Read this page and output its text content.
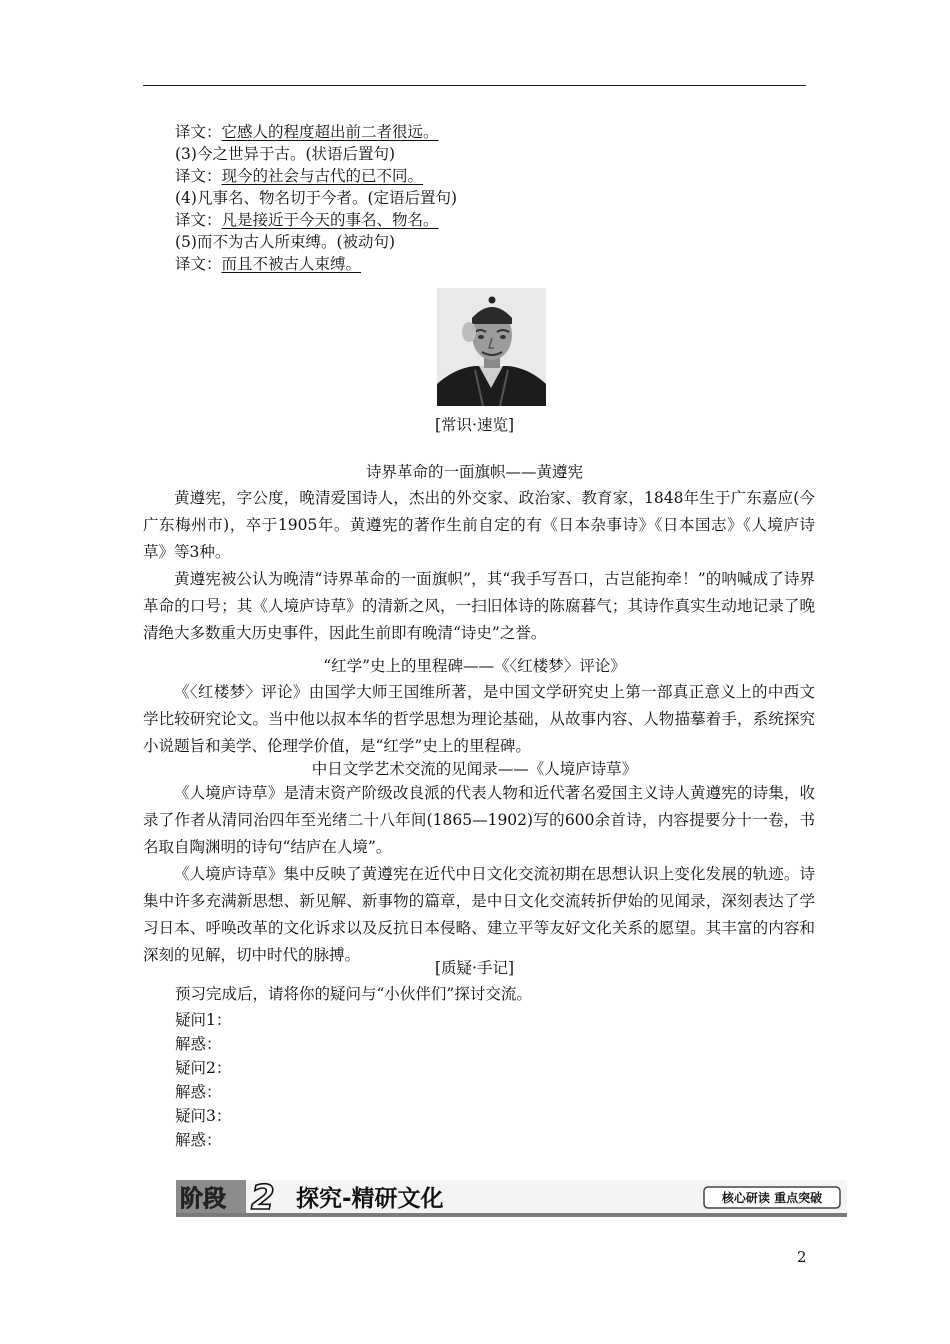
译文：它感人的程度超出前二者很远。
(3)今之世异于古。(状语后置句)
译文：现今的社会与古代的已不同。
(4)凡事名、物名切于今者。(定语后置句)
译文：凡是接近于今天的事名、物名。
(5)而不为古人所束缚。(被动句)
译文：而且不被古人束缚。
[常识·速览]
诗界革命的一面旗帜——黄遵宪

黄遵宪，字公度，晚清爱国诗人，杰出的外交家、政治家、教育家，1848年生于广东嘉应(今广东梅州市)，卒于1905年。黄遵宪的著作生前自定的有《日本杂事诗》《日本国志》《人境庐诗草》等3种。

黄遵宪被公认为晚清“诗界革命的一面旗帜”，其“我手写吾口，古岂能拘牵！”的呐喊成了诗界革命的口号；其《人境庐诗草》的清新之风，一扫旧体诗的陈腐暮气；其诗作真实生动地记录了晚清绝大多数重大历史事件，因此生前即有晚清“诗史”之誉。

“红学”史上的里程碑——《〈红楼梦〉评论》

《〈红楼梦〉评论》由国学大师王国维所著，是中国文学研究史上第一部真正意义上的中西文学比较研究论文。当中他以叔本华的哲学思想为理论基础，从故事内容、人物描摹着手，系统探究小说题旨和美学、伦理学价值，是“红学”史上的里程碑。

中日文学艺术交流的见闻录——《人境庐诗草》

《人境庐诗草》是清末资产阶级改良派的代表人物和近代著名爱国主义诗人黄遵宪的诗集，收录了作者从清同治四年至光绪二十八年间(1865—1902)写的600余首诗，内容提要分十一卷，书名取自陶渊明的诗句“结庐在人境”。

《人境庐诗草》集中反映了黄遵宪在近代中日文化交流初期在思想认识上变化发展的轨迹。诗集中许多充满新思想、新见解、新事物的篇章，是中日文化交流转折伊始的见闻录，深刻表达了学习日本、呼唤改革的文化诉求以及反抗日本侵略、建立平等友好文化关系的愿望。其丰富的内容和深刻的见解，切中时代的脉搏。

[质疑·手记]
预习完成后，请将你的疑问与“小伙伴们”探讨交流。
疑问1：
解惑：
疑问2：
解惑：
疑问3：
解惑：
阶段 2 探究-精研文化	核心研读 重点突破
2
